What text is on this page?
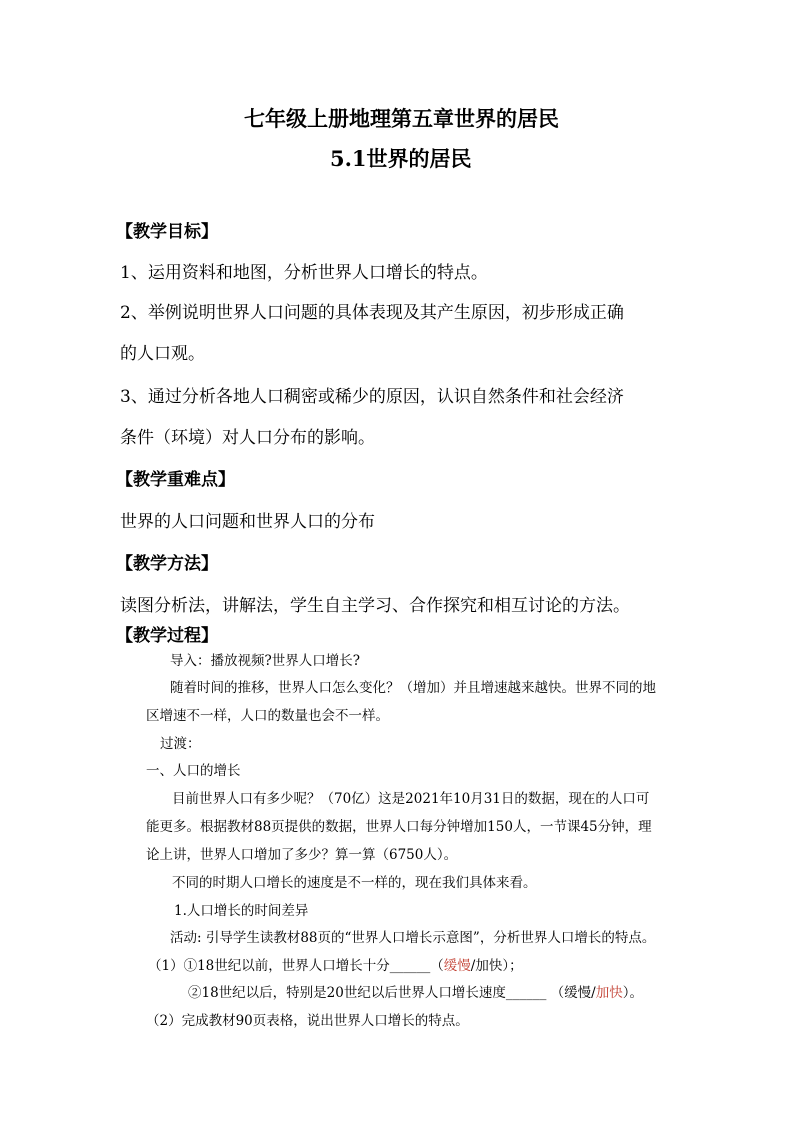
七年级上册地理第五章世界的居民
5.1世界的居民
【教学目标】
1、运用资料和地图，分析世界人口增长的特点。
2、举例说明世界人口问题的具体表现及其产生原因，初步形成正确
的人口观。
3、通过分析各地人口稠密或稀少的原因，认识自然条件和社会经济
条件（环境）对人口分布的影响。
【教学重难点】
世界的人口问题和世界人口的分布
【教学方法】
读图分析法，讲解法，学生自主学习、合作探究和相互讨论的方法。
【教学过程】
导入：播放视频?世界人口增长?
随着时间的推移，世界人口怎么变化？（增加）并且增速越来越快。世界不同的地
区增速不一样，人口的数量也会不一样。
过渡：
一、人口的增长
目前世界人口有多少呢？（70亿）这是2021年10月31日的数据，现在的人口可
能更多。根据教材88页提供的数据，世界人口每分钟增加150人，一节课45分钟，理
论上讲，世界人口增加了多少？算一算（6750人）。
不同的时期人口增长的速度是不一样的，现在我们具体来看。
1.人口增长的时间差异
活动: 引导学生读教材88页的“世界人口增长示意图”，分析世界人口增长的特点。
（1）①18世纪以前，世界人口增长十分______（缓慢/加快）；
②18世纪以后，特别是20世纪以后世界人口增长速度______ （缓慢/加快）。
（2）完成教材90页表格，说出世界人口增长的特点。
